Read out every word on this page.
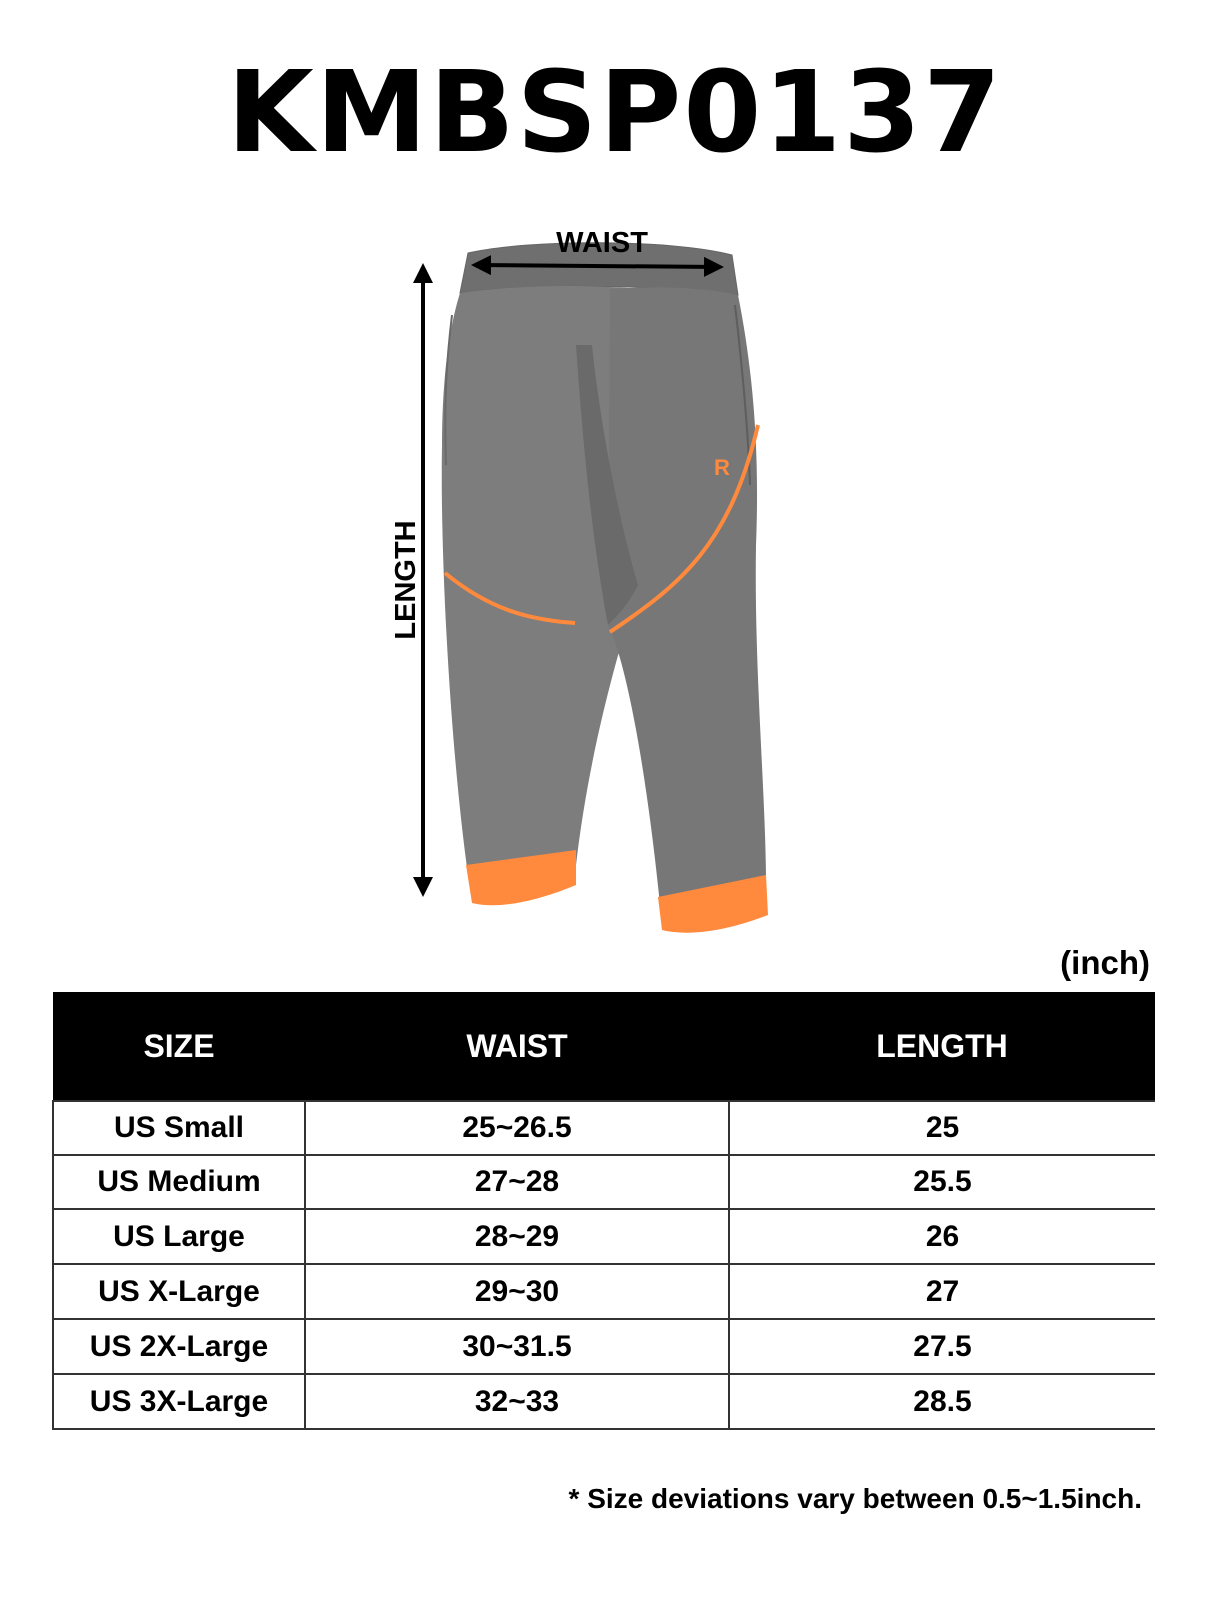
KMBSP0137
R
WAIST
LENGTH
(inch)
SIZE	WAIST	LENGTH
US Small	25~26.5	25
US Medium	27~28	25.5
US Large	28~29	26
US X-Large	29~30	27
US 2X-Large	30~31.5	27.5
US 3X-Large	32~33	28.5
* Size deviations vary between 0.5~1.5inch.
